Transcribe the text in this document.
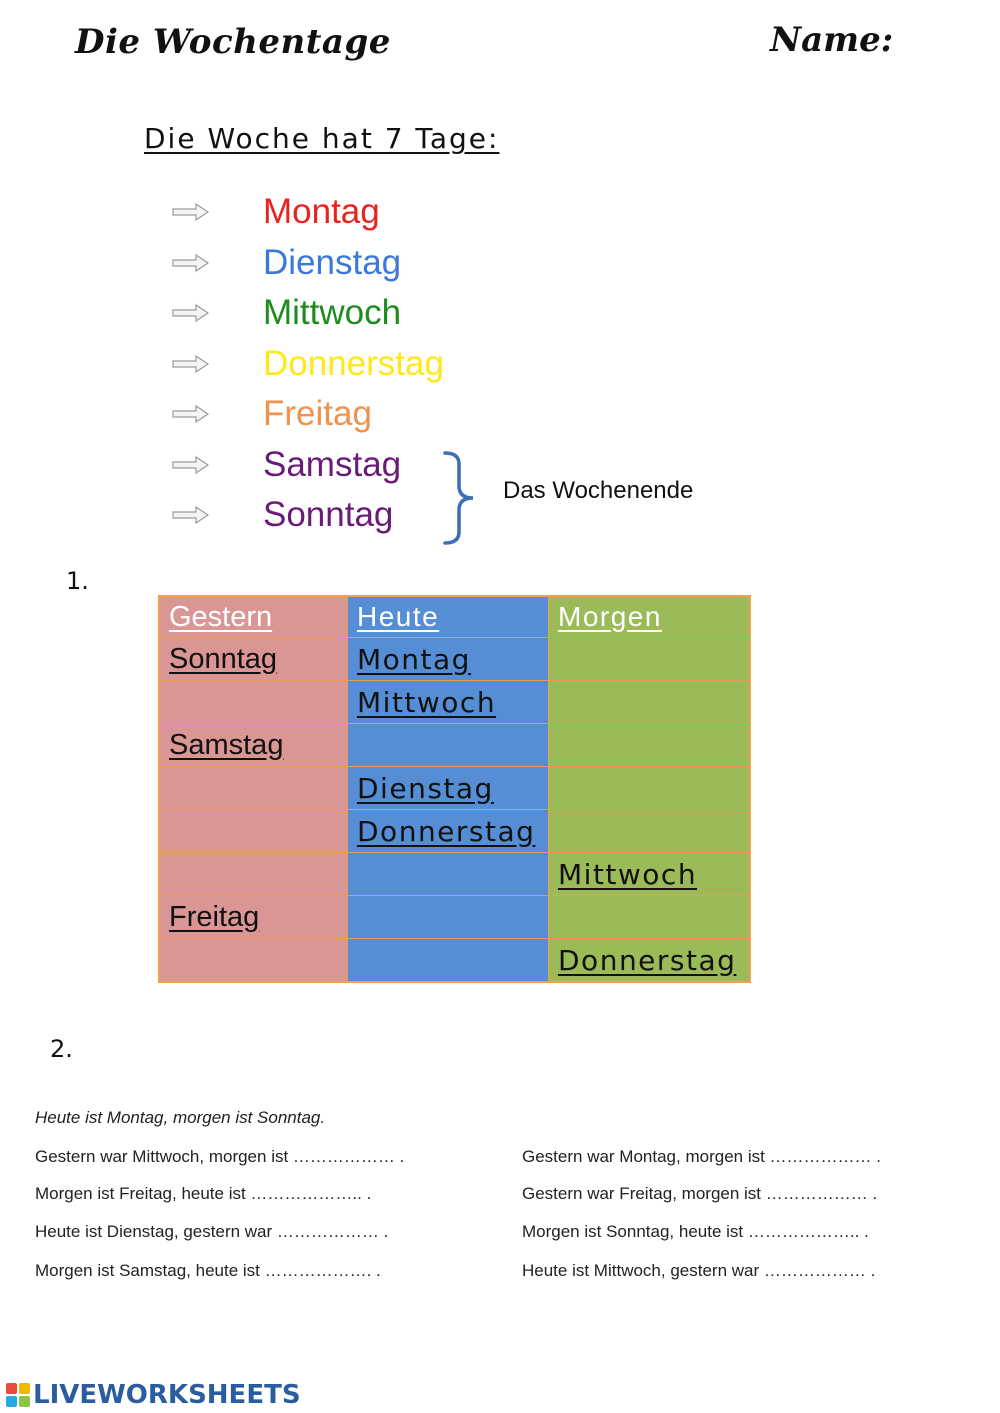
Die Wochentage	Name:
Die Woche hat 7 Tage:
Montag
Dienstag
Mittwoch
Donnerstag
Freitag
Samstag
Sonntag
Das Wochenende
1.
Gestern	Heute	Morgen
Sonntag	Montag	
	Mittwoch	
Samstag		
	Dienstag	
	Donnerstag	
		Mittwoch
Freitag		
		Donnerstag
2.
Heute ist Montag, morgen ist Sonntag.
Gestern war Mittwoch, morgen ist ……………… .
Morgen ist Freitag, heute ist ……………….. .
Heute ist Dienstag, gestern war ……………… .
Morgen ist Samstag, heute ist ………………. .
Gestern war Montag, morgen ist ……………… .
Gestern war Freitag, morgen ist ……………… .
Morgen ist Sonntag, heute ist ……………….. .
Heute ist Mittwoch, gestern war ……………… .
LIVEWORKSHEETS
